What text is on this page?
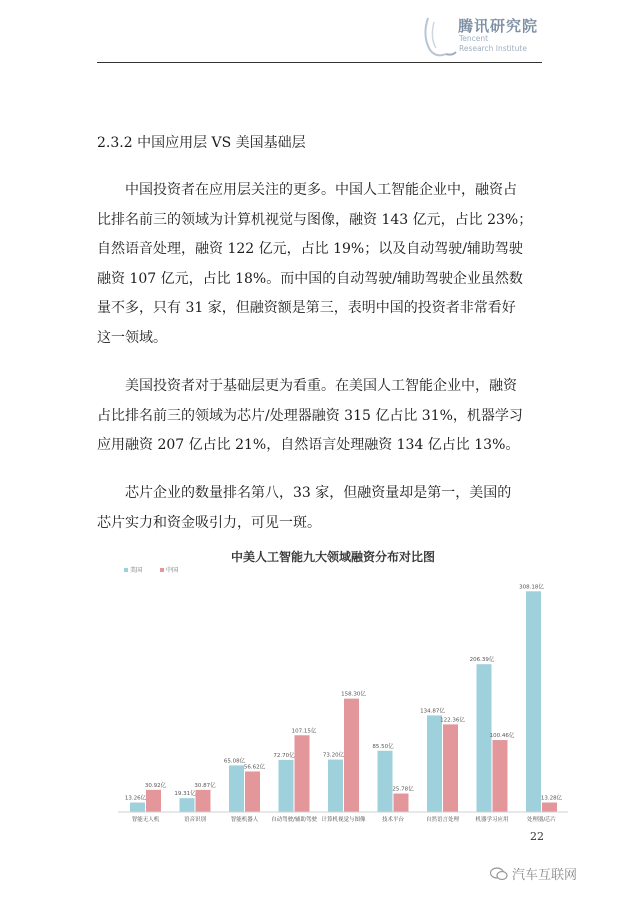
腾讯研究院
Tencent
Research Institute
2.3.2 中国应用层 VS 美国基础层
中国投资者在应用层关注的更多。中国人工智能企业中，融资占
比排名前三的领域为计算机视觉与图像，融资 143 亿元，占比 23%；
自然语音处理，融资 122 亿元，占比 19%；以及自动驾驶/辅助驾驶
融资 107 亿元，占比 18%。而中国的自动驾驶/辅助驾驶企业虽然数
量不多，只有 31 家，但融资额是第三，表明中国的投资者非常看好
这一领域。
美国投资者对于基础层更为看重。在美国人工智能企业中，融资
占比排名前三的领域为芯片/处理器融资 315 亿占比 31%，机器学习
应用融资 207 亿占比 21%，自然语言处理融资 134 亿占比 13%。
芯片企业的数量排名第八，33 家，但融资量却是第一，美国的
芯片实力和资金吸引力，可见一斑。
中美人工智能九大领域融资分布对比图
美国	中国
13.26亿
30.92亿
智能无人机
19.31亿
30.87亿
语音识别
65.08亿
56.62亿
智能机器人
72.70亿
107.15亿
自动驾驶/辅助驾驶
73.20亿
158.30亿
计算机视觉与图像
85.50亿
25.78亿
技术平台
134.87亿
122.36亿
自然语言处理
206.39亿
100.46亿
机器学习应用
308.18亿
13.28亿
处理器/芯片
22
汽车互联网
